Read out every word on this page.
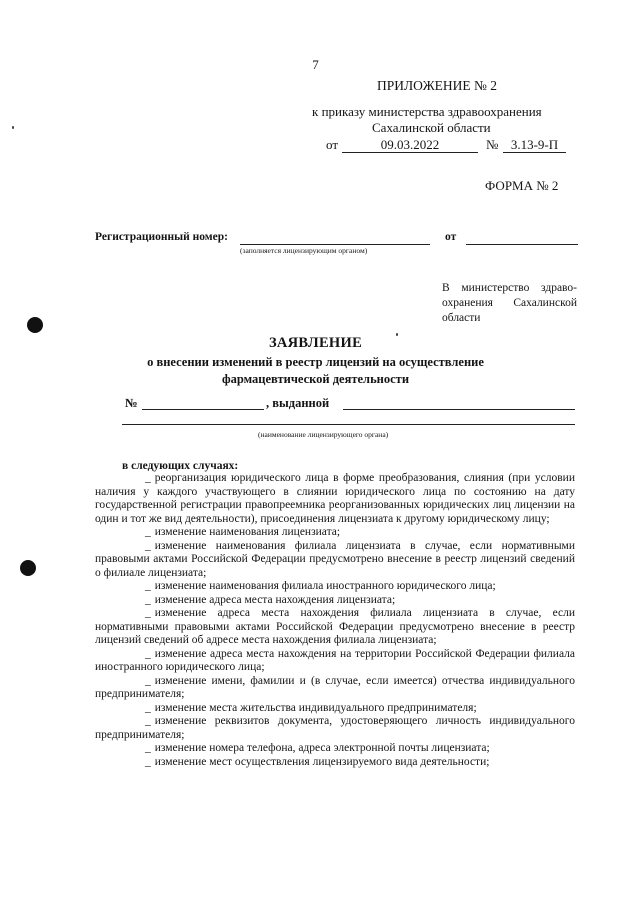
7
ПРИЛОЖЕНИЕ № 2
к приказу министерства здравоохранения
Сахалинской области
от	09.03.2022	№ 3.13-9-П
ФОРМА № 2
Регистрационный номер:	от
(заполняется лицензирующим органом)
В министерство здраво-охранения Сахалинской области
ЗАЯВЛЕНИЕ
о внесении изменений в реестр лицензий на осуществление
фармацевтической деятельности
№	, выданной
(наименование лицензирующего органа)
в следующих случаях:

_ реорганизация юридического лица в форме преобразования, слияния (при условии наличия у каждого участвующего в слиянии юридического лица по состоянию на дату государственной регистрации правопреемника реорганизованных юридических лиц лицензии на один и тот же вид деятельности), присоединения лицензиата к другому юридическому лицу;

_ изменение наименования лицензиата;

_ изменение наименования филиала лицензиата в случае, если нормативными правовыми актами Российской Федерации предусмотрено внесение в реестр лицензий сведений о филиале лицензиата;

_ изменение наименования филиала иностранного юридического лица;

_ изменение адреса места нахождения лицензиата;

_ изменение адреса места нахождения филиала лицензиата в случае, если нормативными правовыми актами Российской Федерации предусмотрено внесение в реестр лицензий сведений об адресе места нахождения филиала лицензиата;

_ изменение адреса места нахождения на территории Российской Федерации филиала иностранного юридического лица;

_ изменение имени, фамилии и (в случае, если имеется) отчества индивидуального предпринимателя;

_ изменение места жительства индивидуального предпринимателя;

_ изменение реквизитов документа, удостоверяющего личность индивидуального предпринимателя;

_ изменение номера телефона, адреса электронной почты лицензиата;

_ изменение мест осуществления лицензируемого вида деятельности;
